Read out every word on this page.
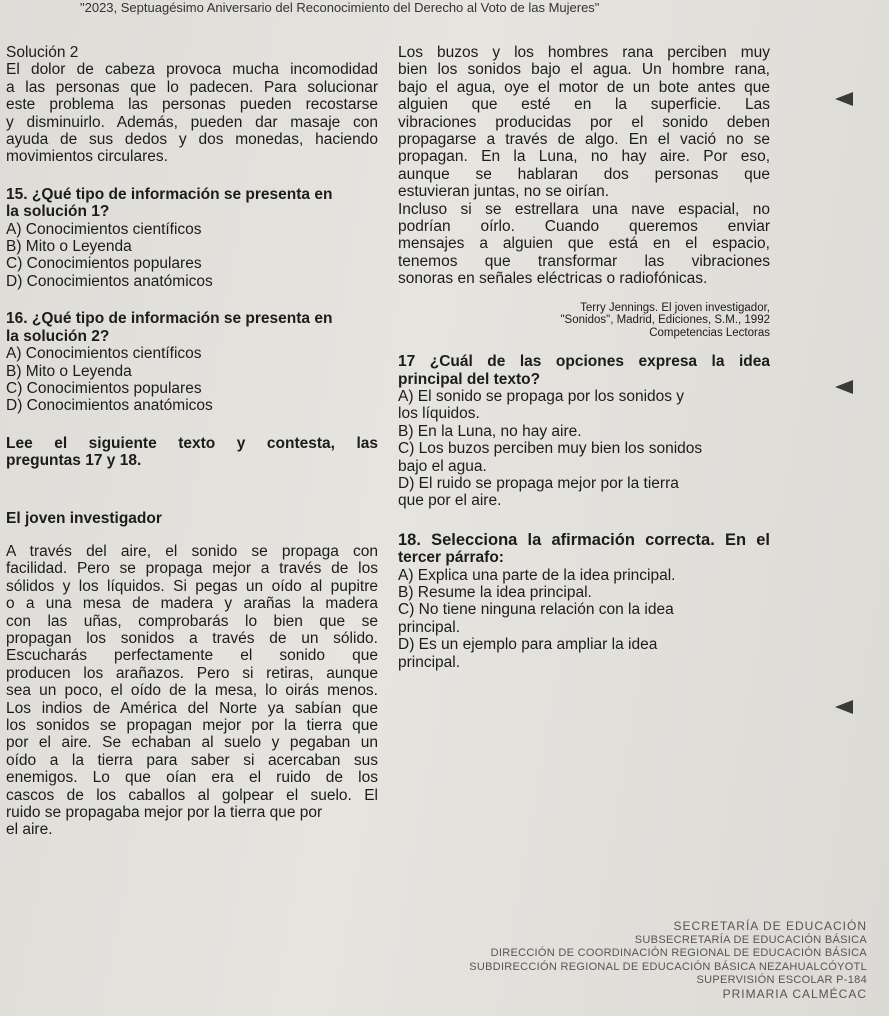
"2023, Septuagésimo Aniversario del Reconocimiento del Derecho al Voto de las Mujeres"
Solución 2
El dolor de cabeza provoca mucha incomodidad
a las personas que lo padecen. Para solucionar
este problema las personas pueden recostarse
y disminuirlo. Además, pueden dar masaje con
ayuda de sus dedos y dos monedas, haciendo
movimientos circulares.
15. ¿Qué tipo de información se presenta en
la solución 1?
A) Conocimientos científicos
B) Mito o Leyenda
C) Conocimientos populares
D) Conocimientos anatómicos
16. ¿Qué tipo de información se presenta en
la solución 2?
A) Conocimientos científicos
B) Mito o Leyenda
C) Conocimientos populares
D) Conocimientos anatómicos
Lee el siguiente texto y contesta, las
preguntas 17 y 18.
El joven investigador
A través del aire, el sonido se propaga con
facilidad. Pero se propaga mejor a través de los
sólidos y los líquidos. Si pegas un oído al pupitre
o a una mesa de madera y arañas la madera
con las uñas, comprobarás lo bien que se
propagan los sonidos a través de un sólido.
Escucharás perfectamente el sonido que
producen los arañazos. Pero si retiras, aunque
sea un poco, el oído de la mesa, lo oirás menos.
Los indios de América del Norte ya sabían que
los sonidos se propagan mejor por la tierra que
por el aire. Se echaban al suelo y pegaban un
oído a la tierra para saber si acercaban sus
enemigos. Lo que oían era el ruido de los
cascos de los caballos al golpear el suelo. El
ruido se propagaba mejor por la tierra que por
el aire.
Los buzos y los hombres rana perciben muy
bien los sonidos bajo el agua. Un hombre rana,
bajo el agua, oye el motor de un bote antes que
alguien que esté en la superficie. Las
vibraciones producidas por el sonido deben
propagarse a través de algo. En el vació no se
propagan. En la Luna, no hay aire. Por eso,
aunque se hablaran dos personas que
estuvieran juntas, no se oirían.
Incluso si se estrellara una nave espacial, no
podrían oírlo. Cuando queremos enviar
mensajes a alguien que está en el espacio,
tenemos que transformar las vibraciones
sonoras en señales eléctricas o radiofónicas.
Terry Jennings. El joven investigador,
"Sonidos", Madrid, Ediciones, S.M., 1992
Competencias Lectoras
17 ¿Cuál de las opciones expresa la idea
principal del texto?
A) El sonido se propaga por los sonidos y
los líquidos.
B) En la Luna, no hay aire.
C) Los buzos perciben muy bien los sonidos
bajo el agua.
D) El ruido se propaga mejor por la tierra
que por el aire.
18. Selecciona la afirmación correcta. En el
tercer párrafo:
A) Explica una parte de la idea principal.
B) Resume la idea principal.
C) No tiene ninguna relación con la idea
principal.
D) Es un ejemplo para ampliar la idea
principal.
SECRETARÍA DE EDUCACIÓN
SUBSECRETARÍA DE EDUCACIÓN BÁSICA
DIRECCIÓN DE COORDINACIÓN REGIONAL DE EDUCACIÓN BÁSICA
SUBDIRECCIÓN REGIONAL DE EDUCACIÓN BÁSICA NEZAHUALCÓYOTL
SUPERVISIÓN ESCOLAR P-184
PRIMARIA CALMÉCAC
